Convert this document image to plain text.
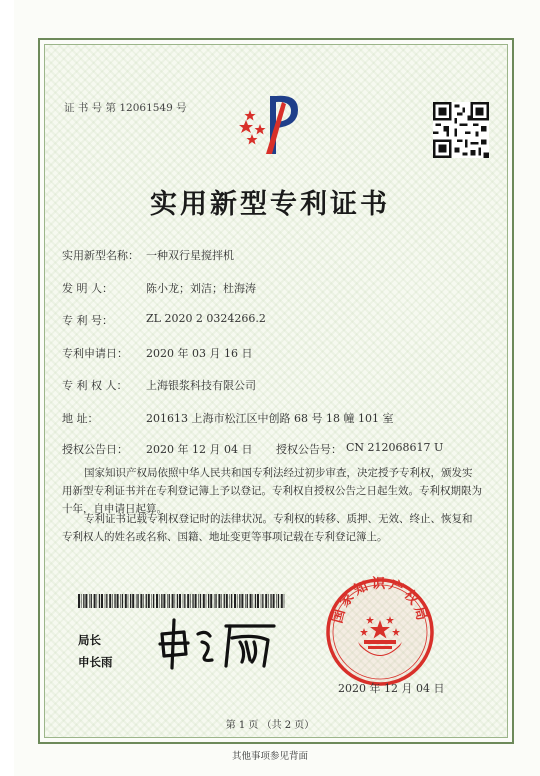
证 书 号 第 12061549 号
实用新型专利证书
实用新型名称： 一种双行星搅拌机
发 明 人：	陈小龙；刘洁；杜海涛
专 利 号：	ZL 2020 2 0324266.2
专利申请日： 2020 年 03 月 16 日
专 利 权 人： 上海银浆科技有限公司
地 址：	201613 上海市松江区中创路 68 号 18 幢 101 室
授权公告日： 2020 年 12 月 04 日 授权公告号： CN 212068617 U
国家知识产权局依照中华人民共和国专利法经过初步审查，决定授予专利权，颁发实用新型专利证书并在专利登记簿上予以登记。专利权自授权公告之日起生效。专利权期限为十年，自申请日起算。
专利证书记载专利权登记时的法律状况。专利权的转移、质押、无效、终止、恢复和专利权人的姓名或名称、国籍、地址变更等事项记载在专利登记簿上。
局长
申长雨
国家知识产权局
2020 年 12 月 04 日
第 1 页 （共 2 页）
其他事项参见背面
